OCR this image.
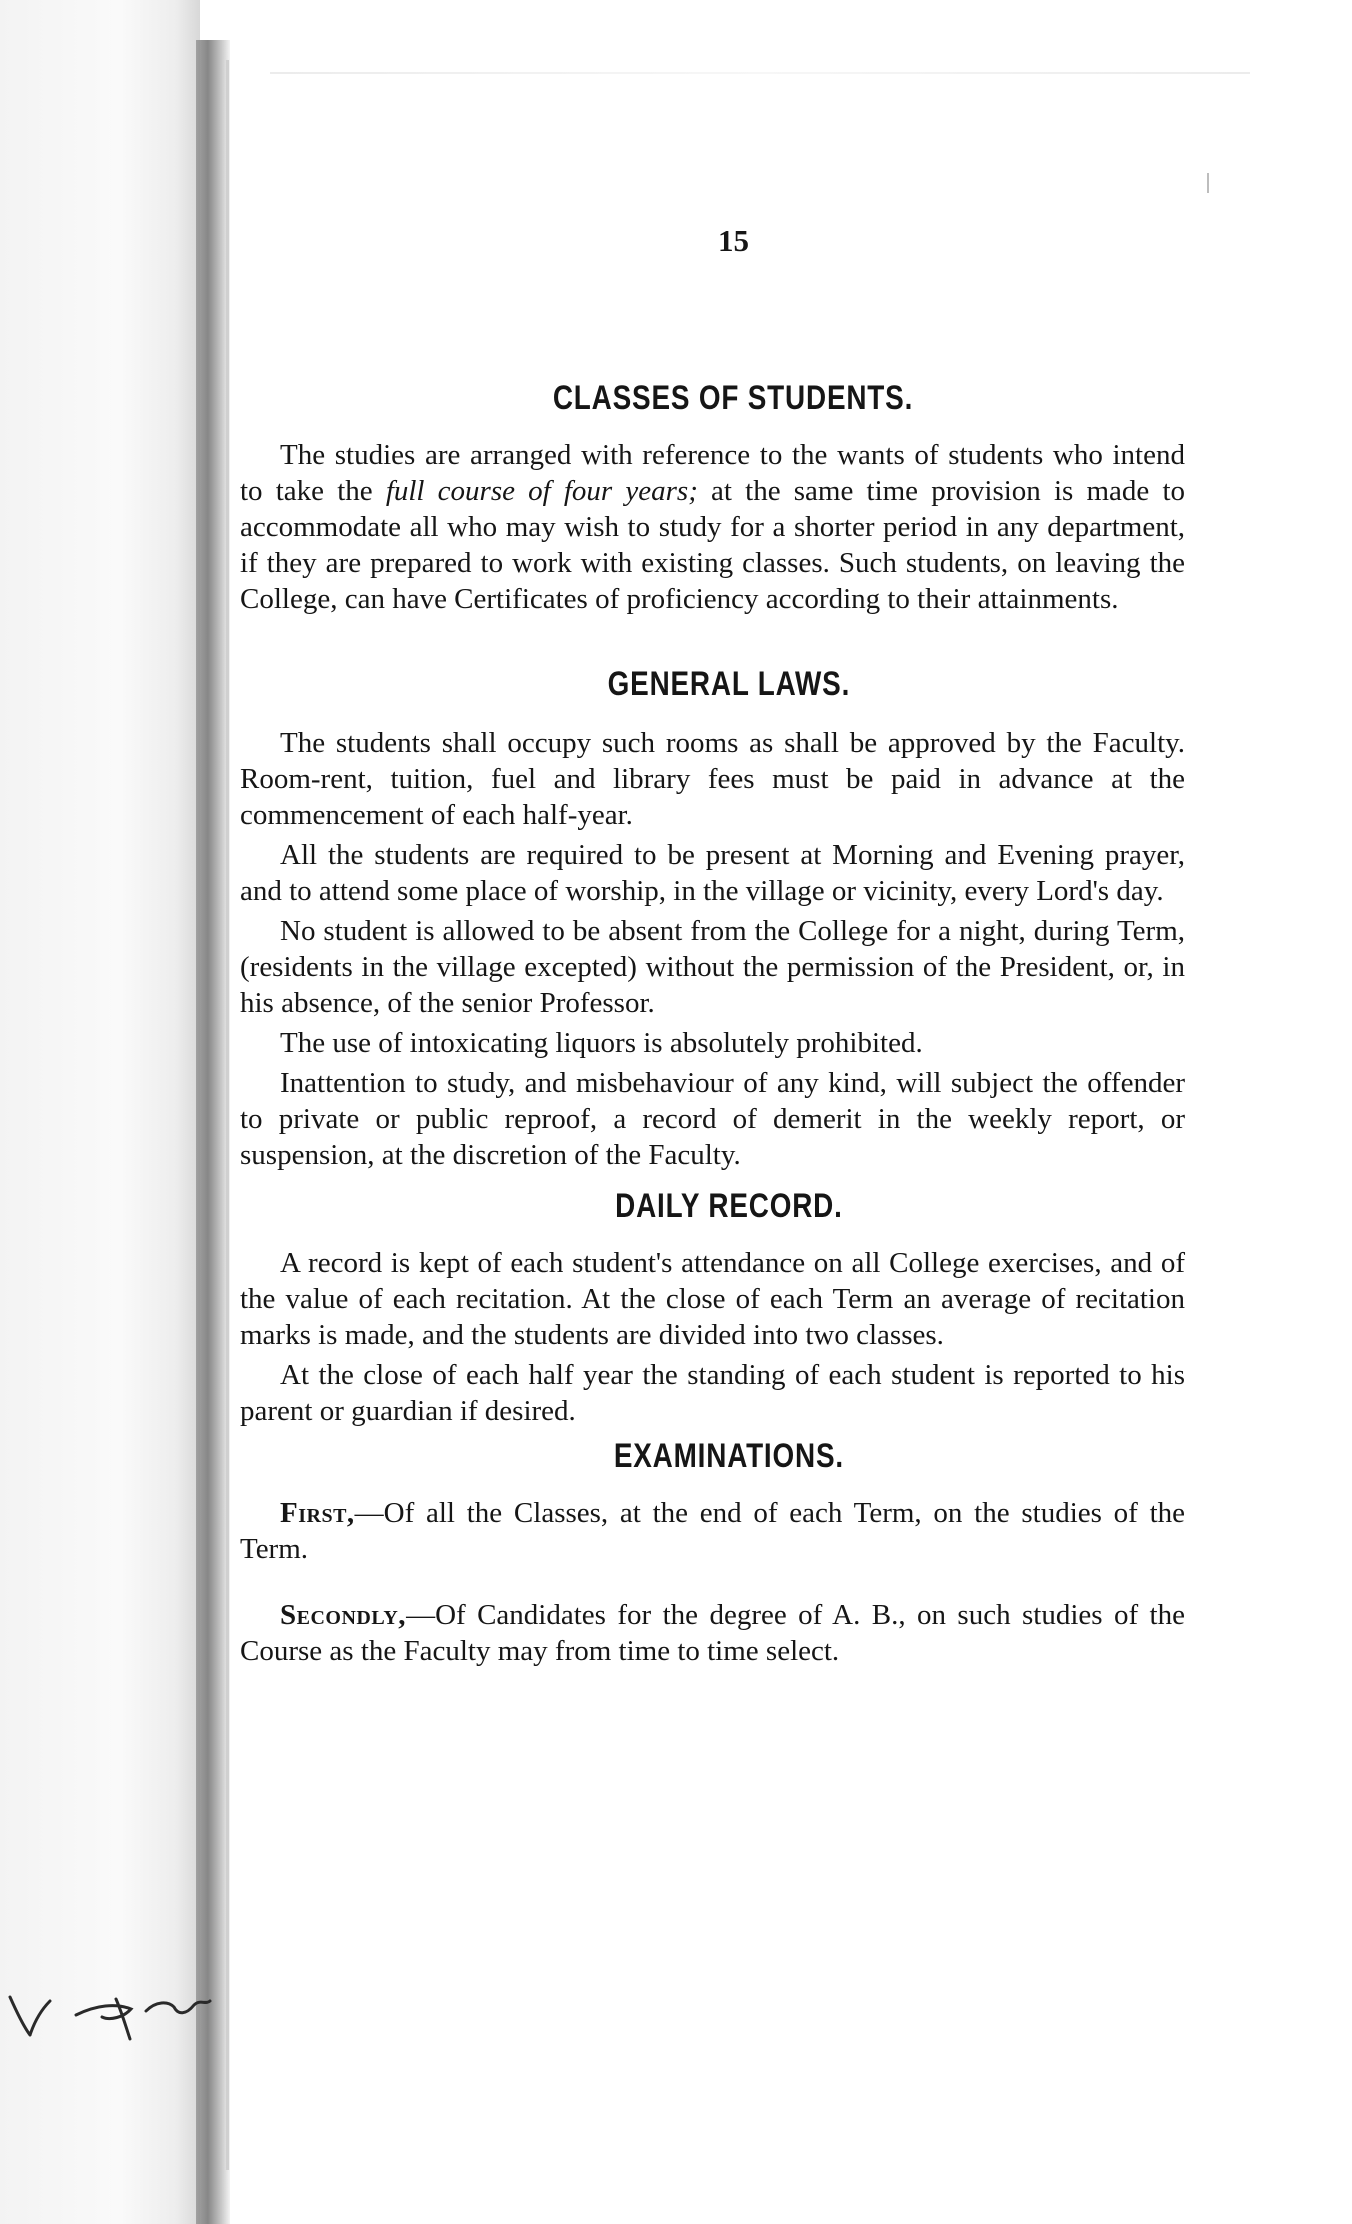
15
CLASSES OF STUDENTS.

The studies are arranged with reference to the wants of students who intend to take the full course of four years; at the same time provision is made to accommodate all who may wish to study for a shorter period in any department, if they are prepared to work with existing classes. Such students, on leaving the College, can have Certificates of proficiency according to their attainments.

GENERAL LAWS.

The students shall occupy such rooms as shall be approved by the Faculty. Room-rent, tuition, fuel and library fees must be paid in advance at the commencement of each half-year.

All the students are required to be present at Morning and Evening prayer, and to attend some place of worship, in the village or vicinity, every Lord's day.

No student is allowed to be absent from the College for a night, during Term, (residents in the village excepted) without the permission of the President, or, in his absence, of the senior Professor.

The use of intoxicating liquors is absolutely prohibited.

Inattention to study, and misbehaviour of any kind, will subject the offender to private or public reproof, a record of demerit in the weekly report, or suspension, at the discretion of the Faculty.

DAILY RECORD.

A record is kept of each student's attendance on all College exercises, and of the value of each recitation. At the close of each Term an average of recitation marks is made, and the students are divided into two classes.

At the close of each half year the standing of each student is reported to his parent or guardian if desired.

EXAMINATIONS.

First,—Of all the Classes, at the end of each Term, on the studies of the Term.

Secondly,—Of Candidates for the degree of A. B., on such studies of the Course as the Faculty may from time to time select.
